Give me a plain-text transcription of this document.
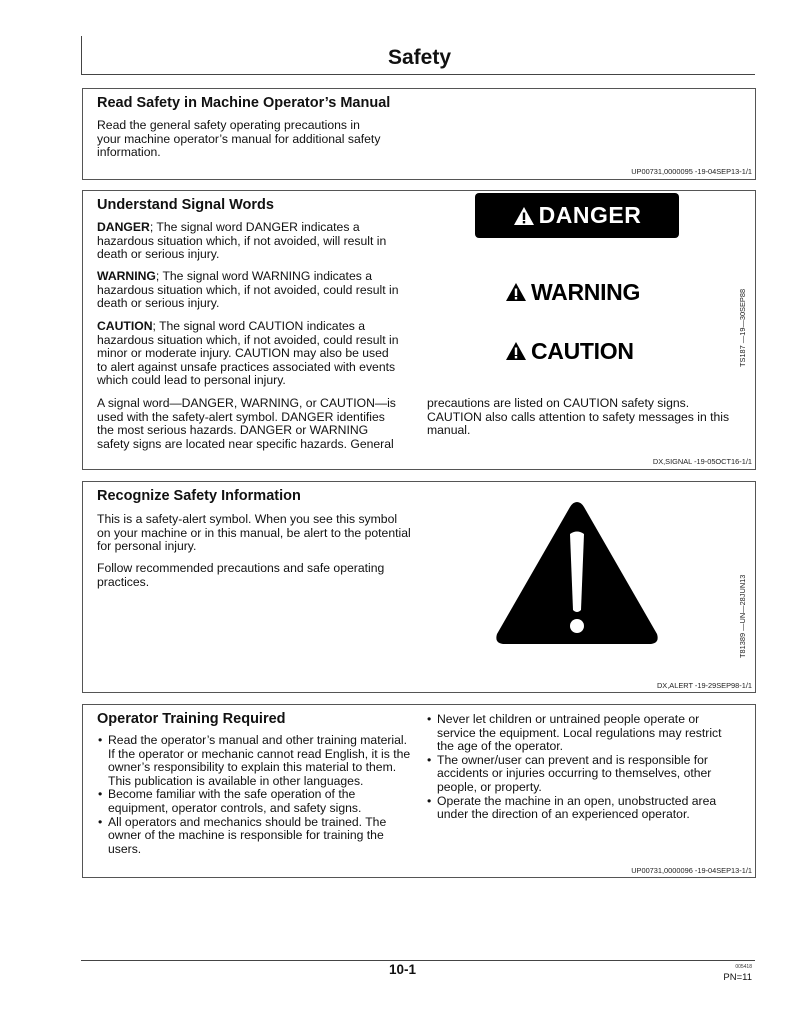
Safety
Read Safety in Machine Operator’s Manual

Read the general safety operating precautions in

your machine operator’s manual for additional safety

information.

UP00731,0000095 -19-04SEP13-1/1
Understand Signal Words

DANGER; The signal word DANGER indicates a

hazardous situation which, if not avoided, will result in

death or serious injury.

WARNING; The signal word WARNING indicates a

hazardous situation which, if not avoided, could result in

death or serious injury.

CAUTION; The signal word CAUTION indicates a

hazardous situation which, if not avoided, could result in

minor or moderate injury. CAUTION may also be used

to alert against unsafe practices associated with events

which could lead to personal injury.

A signal word—DANGER, WARNING, or CAUTION—is

used with the safety-alert symbol. DANGER identifies

the most serious hazards. DANGER or WARNING

safety signs are located near specific hazards. General

precautions are listed on CAUTION safety signs.

CAUTION also calls attention to safety messages in this

manual.

TS187 —19—30SEP88
DX,SIGNAL -19-05OCT16-1/1
DANGER
WARNING
CAUTION
Recognize Safety Information

This is a safety-alert symbol. When you see this symbol

on your machine or in this manual, be alert to the potential

for personal injury.

Follow recommended precautions and safe operating

practices.	T81389 —UN—28JUN13
DX,ALERT -19-29SEP98-1/1
Operator Training Required
• Read the operator’s manual and other training material.
If the operator or mechanic cannot read English, it is the
owner’s responsibility to explain this material to them.
This publication is available in other languages.
• Become familiar with the safe operation of the
equipment, operator controls, and safety signs.
• All operators and mechanics should be trained. The
owner of the machine is responsible for training the
users.
• Never let children or untrained people operate or
service the equipment. Local regulations may restrict
the age of the operator.
• The owner/user can prevent and is responsible for
accidents or injuries occurring to themselves, other
people, or property.
• Operate the machine in an open, unobstructed area
under the direction of an experienced operator.
UP00731,0000096 -19-04SEP13-1/1
10-1	005418
PN=11
